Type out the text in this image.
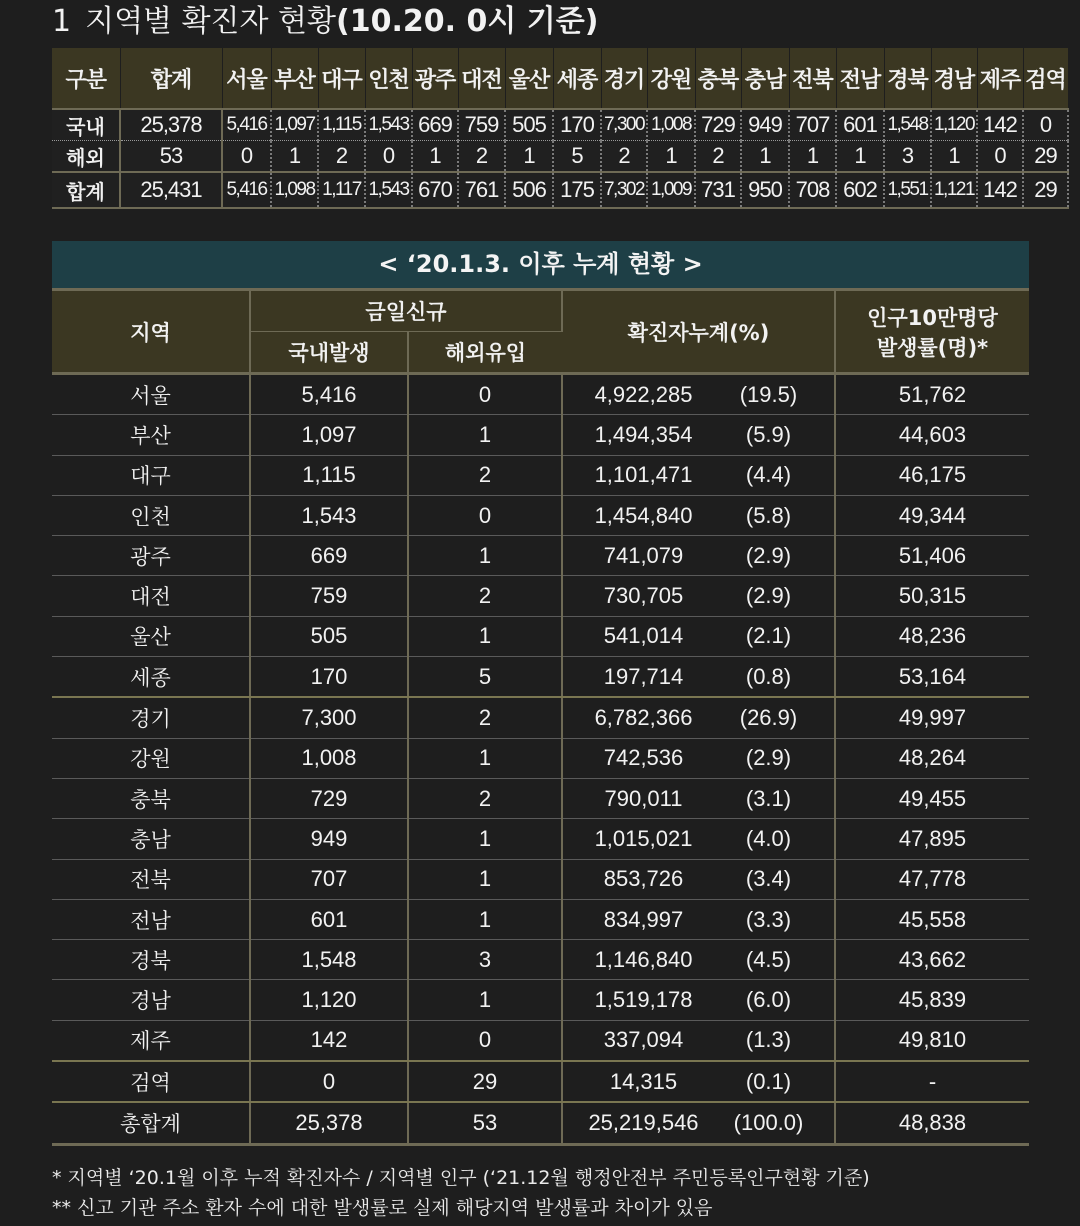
1 지역별 확진자 현황(10.20. 0시 기준)
구분	합계	서울	부산	대구	인천	광주	대전	울산	세종	경기	강원	충북	충남	전북	전남	경북	경남	제주	검역
국내	25,378	5,416	1,097	1,115	1,543	669	759	505	170	7,300	1,008	729	949	707	601	1,548	1,120	142	0
해외	53	0	1	2	0	1	2	1	5	2	1	2	1	1	1	3	1	0	29
합계	25,431	5,416	1,098	1,117	1,543	670	761	506	175	7,302	1,009	731	950	708	602	1,551	1,121	142	29
< ‘20.1.3. 이후 누계 현황 >
지역	금일신규		확진자누계(%)	인구10만명당
발생률(명)*
	국내발생	해외유입		
서울	5,416	0	4,922,285 (19.5)	51,762
부산	1,097	1	1,494,354 (5.9)	44,603
대구	1,115	2	1,101,471 (4.4)	46,175
인천	1,543	0	1,454,840 (5.8)	49,344
광주	669	1	741,079 (2.9)	51,406
대전	759	2	730,705 (2.9)	50,315
울산	505	1	541,014 (2.1)	48,236
세종	170	5	197,714 (0.8)	53,164
경기	7,300	2	6,782,366 (26.9)	49,997
강원	1,008	1	742,536 (2.9)	48,264
충북	729	2	790,011 (3.1)	49,455
충남	949	1	1,015,021 (4.0)	47,895
전북	707	1	853,726 (3.4)	47,778
전남	601	1	834,997 (3.3)	45,558
경북	1,548	3	1,146,840 (4.5)	43,662
경남	1,120	1	1,519,178 (6.0)	45,839
제주	142	0	337,094 (1.3)	49,810
검역	0	29	14,315 (0.1)	-
총합계	25,378	53	25,219,546 (100.0)	48,838
* 지역별 ‘20.1월 이후 누적 확진자수 / 지역별 인구 (‘21.12월 행정안전부 주민등록인구현황 기준)
** 신고 기관 주소 환자 수에 대한 발생률로 실제 해당지역 발생률과 차이가 있음
